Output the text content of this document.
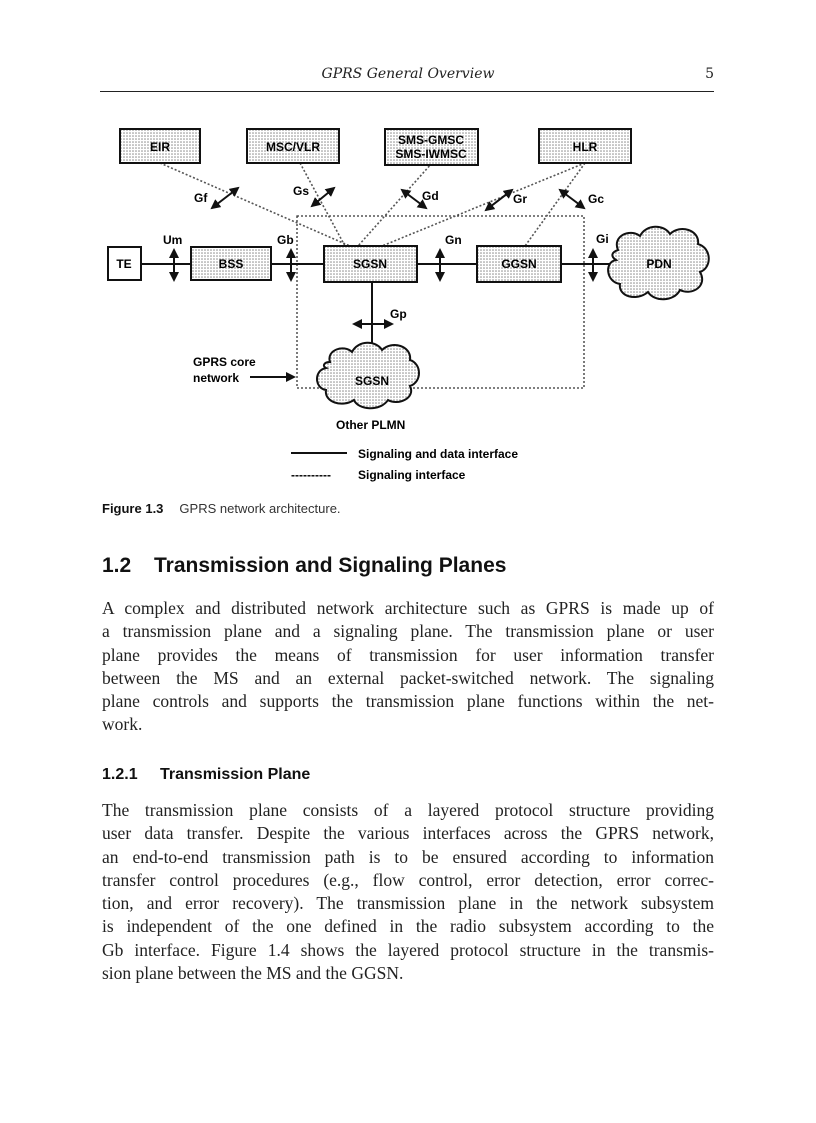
GPRS General Overview	5
EIR	MSC/VLR	SMS-GMSC
SMS-IWMSC	HLR
TE	BSS	SGSN	GGSN	PDN
SGSN
Gf	Gs	Gd	Gr	Gc
Um	Gb	Gn	Gi
Gp
GPRS core
network
Other PLMN
Signaling and data interface
---------- Signaling interface
Figure 1.3 GPRS network architecture.
1.2 Transmission and Signaling Planes
A complex and distributed network architecture such as GPRS is made up of
a transmission plane and a signaling plane. The transmission plane or user
plane provides the means of transmission for user information transfer
between the MS and an external packet-switched network. The signaling
plane controls and supports the transmission plane functions within the net-
work.
1.2.1 Transmission Plane
The transmission plane consists of a layered protocol structure providing
user data transfer. Despite the various interfaces across the GPRS network,
an end-to-end transmission path is to be ensured according to information
transfer control procedures (e.g., flow control, error detection, error correc-
tion, and error recovery). The transmission plane in the network subsystem
is independent of the one defined in the radio subsystem according to the
Gb interface. Figure 1.4 shows the layered protocol structure in the transmis-
sion plane between the MS and the GGSN.
